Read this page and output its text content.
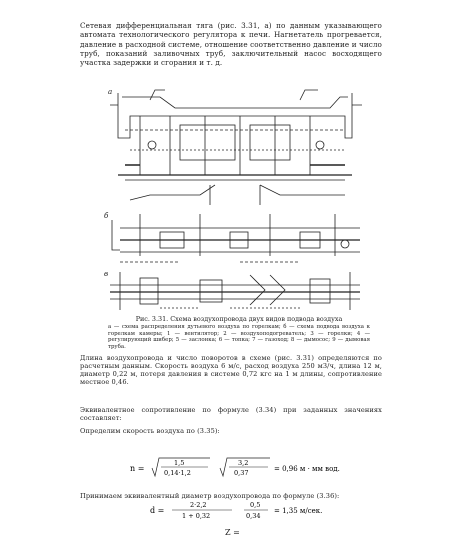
Сетевая дифференциальная тяга (рис. 3.31, а) по данным указывающего автомата технологического регулятора к печи. Нагнетатель прогревается, давление в расходной системе, отношение соответственно давление и число труб, показаний заливочных труб, заключительный насос восходящего участка задержки и сгорания и т. д.

а
б
в
Рис. 3.31. Схема воздухопровода двух видов подвода воздуха
а — схема распределения дутьевого воздуха по горелкам; б — схема подвода воздуха к горелкам камеры; 1 — вентилятор; 2 — воздухоподогреватель; 3 — горелки; 4 — регулирующий шибер; 5 — заслонка; 6 — топка; 7 — газоход; 8 — дымосос; 9 — дымовая труба.

Длина воздухопровода и число поворотов в схеме (рис. 3.31) определяются по расчетным данным. Скорость воздуха 6 м/с, расход воздуха 250 м3/ч, длина 12 м, диаметр 0,22 м, потеря давления в системе 0,72 кгс на 1 м длины, сопротивление местное 0,46.

Эквивалентное сопротивление по формуле (3.34) при заданных значениях составляет:

Определим скорость воздуха по (3.35):

n =
1,5
0,14·1,2
3,2
0,37	= 0,96 м · мм вод.

Принимаем эквивалентный диаметр воздухопровода по формуле (3.36):

d =
2·2,2
1 + 0,32
0,5
0,34
= 1,35 м/сек.
Z =
